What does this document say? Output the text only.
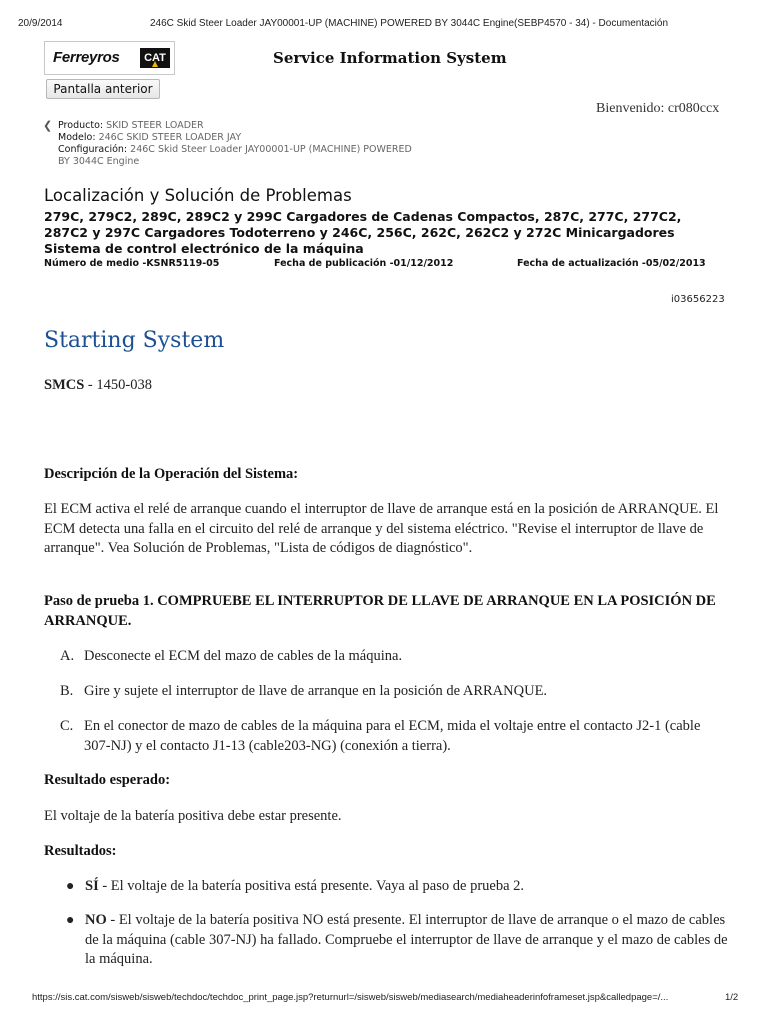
20/9/2014	246C Skid Steer Loader JAY00001-UP (MACHINE) POWERED BY 3044C Engine(SEBP4570 - 34) - Documentación
Ferreyros	CAT	Service Information System
Pantalla anterior
Bienvenido: cr080ccx
❮ Producto: SKID STEER LOADER
Modelo: 246C SKID STEER LOADER JAY
Configuración: 246C Skid Steer Loader JAY00001-UP (MACHINE) POWERED
BY 3044C Engine
Localización y Solución de Problemas
279C, 279C2, 289C, 289C2 y 299C Cargadores de Cadenas Compactos, 287C, 277C, 277C2,
287C2 y 297C Cargadores Todoterreno y 246C, 256C, 262C, 262C2 y 272C Minicargadores
Sistema de control electrónico de la máquina
Número de medio -KSNR5119-05	Fecha de publicación -01/12/2012	Fecha de actualización -05/02/2013
i03656223
Starting System
SMCS - 1450-038
Descripción de la Operación del Sistema:
El ECM activa el relé de arranque cuando el interruptor de llave de arranque está en la posición de ARRANQUE. El ECM detecta una falla en el circuito del relé de arranque y del sistema eléctrico. "Revise el interruptor de llave de arranque". Vea Solución de Problemas, "Lista de códigos de diagnóstico".
Paso de prueba 1. COMPRUEBE EL INTERRUPTOR DE LLAVE DE ARRANQUE EN LA POSICIÓN DE ARRANQUE.
A. Desconecte el ECM del mazo de cables de la máquina.
B. Gire y sujete el interruptor de llave de arranque en la posición de ARRANQUE.
C. En el conector de mazo de cables de la máquina para el ECM, mida el voltaje entre el contacto J2-1 (cable 307-NJ) y el contacto J1-13 (cable203-NG) (conexión a tierra).
Resultado esperado:
El voltaje de la batería positiva debe estar presente.
Resultados:
● SÍ - El voltaje de la batería positiva está presente. Vaya al paso de prueba 2.
● NO - El voltaje de la batería positiva NO está presente. El interruptor de llave de arranque o el mazo de cables de la máquina (cable 307-NJ) ha fallado. Compruebe el interruptor de llave de arranque y el mazo de cables de la máquina.
https://sis.cat.com/sisweb/sisweb/techdoc/techdoc_print_page.jsp?returnurl=/sisweb/sisweb/mediasearch/mediaheaderinfoframeset.jsp&calledpage=/...	1/2
